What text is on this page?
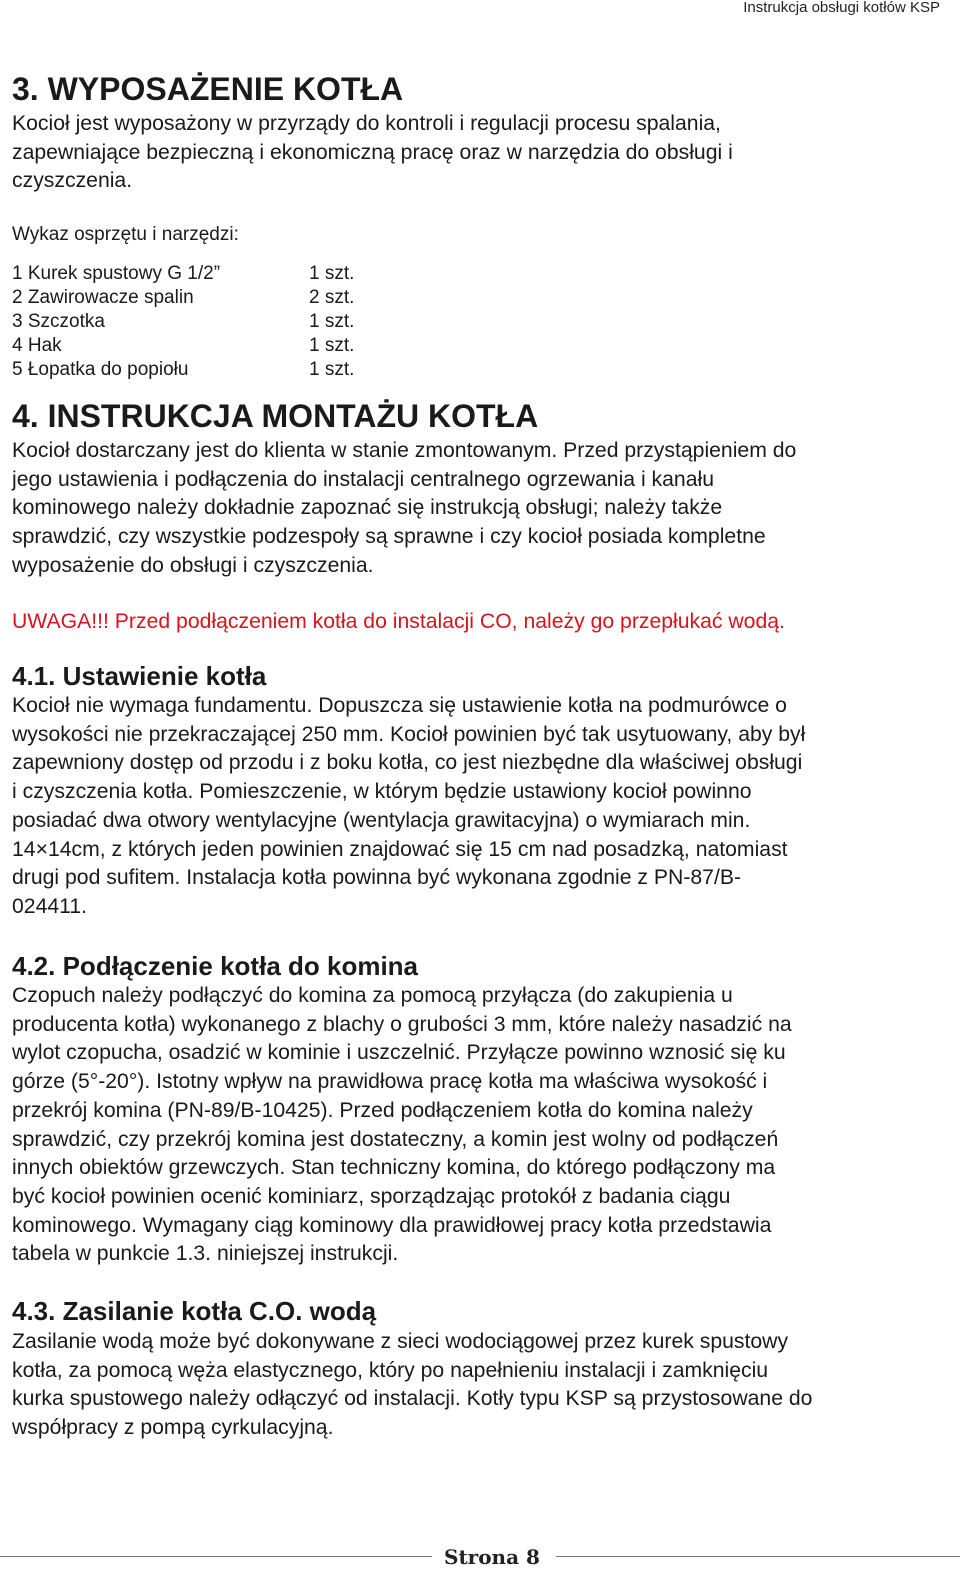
Instrukcja obsługi kotłów KSP
3. WYPOSAŻENIE KOTŁA
Kocioł jest wyposażony w przyrządy do kontroli i regulacji procesu spalania,
zapewniające bezpieczną i ekonomiczną pracę oraz w narzędzia do obsługi i
czyszczenia.
Wykaz osprzętu i narzędzi:
1 Kurek spustowy G 1/2”	1 szt.
2 Zawirowacze spalin	2 szt.
3 Szczotka	1 szt.
4 Hak	1 szt.
5 Łopatka do popiołu	1 szt.
4. INSTRUKCJA MONTAŻU KOTŁA
Kocioł dostarczany jest do klienta w stanie zmontowanym. Przed przystąpieniem do
jego ustawienia i podłączenia do instalacji centralnego ogrzewania i kanału
kominowego należy dokładnie zapoznać się instrukcją obsługi; należy także
sprawdzić, czy wszystkie podzespoły są sprawne i czy kocioł posiada kompletne
wyposażenie do obsługi i czyszczenia.
UWAGA!!! Przed podłączeniem kotła do instalacji CO, należy go przepłukać wodą.
4.1. Ustawienie kotła
Kocioł nie wymaga fundamentu. Dopuszcza się ustawienie kotła na podmurówce o
wysokości nie przekraczającej 250 mm. Kocioł powinien być tak usytuowany, aby był
zapewniony dostęp od przodu i z boku kotła, co jest niezbędne dla właściwej obsługi
i czyszczenia kotła. Pomieszczenie, w którym będzie ustawiony kocioł powinno
posiadać dwa otwory wentylacyjne (wentylacja grawitacyjna) o wymiarach min.
14×14cm, z których jeden powinien znajdować się 15 cm nad posadzką, natomiast
drugi pod sufitem. Instalacja kotła powinna być wykonana zgodnie z PN-87/B-
024411.
4.2. Podłączenie kotła do komina
Czopuch należy podłączyć do komina za pomocą przyłącza (do zakupienia u
producenta kotła) wykonanego z blachy o grubości 3 mm, które należy nasadzić na
wylot czopucha, osadzić w kominie i uszczelnić. Przyłącze powinno wznosić się ku
górze (5°-20°). Istotny wpływ na prawidłowa pracę kotła ma właściwa wysokość i
przekrój komina (PN-89/B-10425). Przed podłączeniem kotła do komina należy
sprawdzić, czy przekrój komina jest dostateczny, a komin jest wolny od podłączeń
innych obiektów grzewczych. Stan techniczny komina, do którego podłączony ma
być kocioł powinien ocenić kominiarz, sporządzając protokół z badania ciągu
kominowego. Wymagany ciąg kominowy dla prawidłowej pracy kotła przedstawia
tabela w punkcie 1.3. niniejszej instrukcji.
4.3. Zasilanie kotła C.O. wodą
Zasilanie wodą może być dokonywane z sieci wodociągowej przez kurek spustowy
kotła, za pomocą węża elastycznego, który po napełnieniu instalacji i zamknięciu
kurka spustowego należy odłączyć od instalacji. Kotły typu KSP są przystosowane do
współpracy z pompą cyrkulacyjną.
Strona 8
